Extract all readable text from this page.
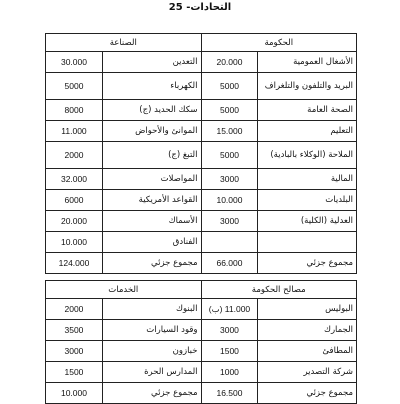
التحادات- 25
الحكومة		الصناعة	
الأشغال العمومية	20.000	التعدين	30.000
البريد والتلفون والتلغراف	5000	الكهرباء	5000
الصحة العامة	5000	سكك الحديد (ج)	8000
التعليم	15.000	الموانئ والأحواض	11.000
الملاحة (الوكلاء بالبادية)	5000	التبغ (ج)	2000
المالية	3000	المواصلات	32.000
البلديات	10.000	القواعد الأمريكية	6000
العدلية (الكلية)	3000	الأسماك	20.000
		الفنادق	10.000
مجموع جزئي	66.000	مجموع جزئي	124.000
مصالح الحكومة		الخدمات	
البوليس	11.000 (ب)	البنوك	2000
الجمارك	3000	وقود السيارات	3500
المطافئ	1500	خبازون	3000
شركة التصدير	1000	المدارس الحرة	1500
مجموع جزئي	16.500	مجموع جزئي	10.000
